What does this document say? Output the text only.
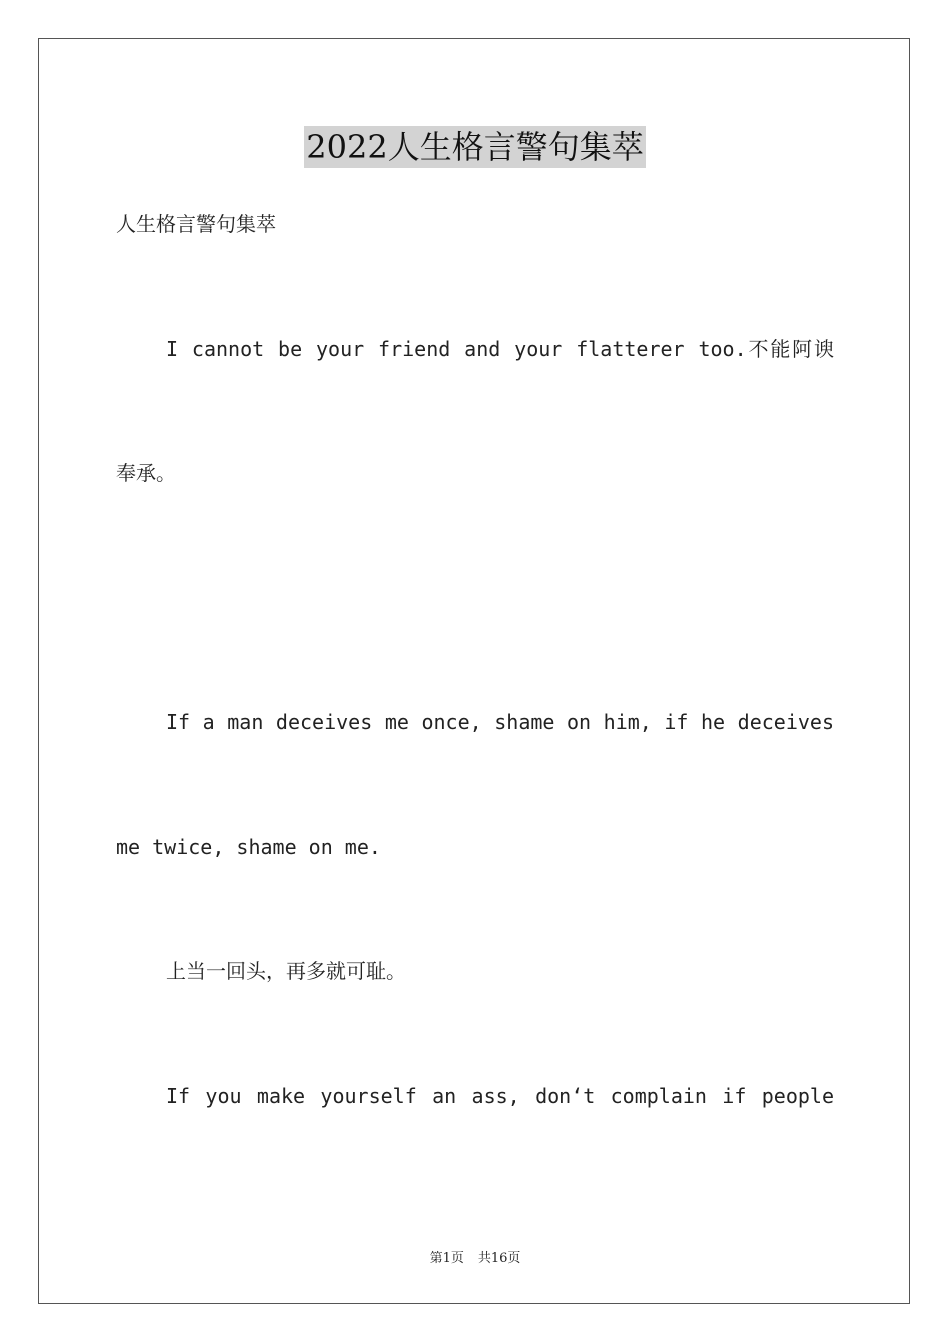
2022人生格言警句集萃
人生格言警句集萃
I cannot be your friend and your flatterer too.不能阿谀
奉承。
If a man deceives me once, shame on him, if he deceives
me twice, shame on me.
上当一回头，再多就可耻。
If you make yourself an ass, don‘t complain if people
第1页 共16页
